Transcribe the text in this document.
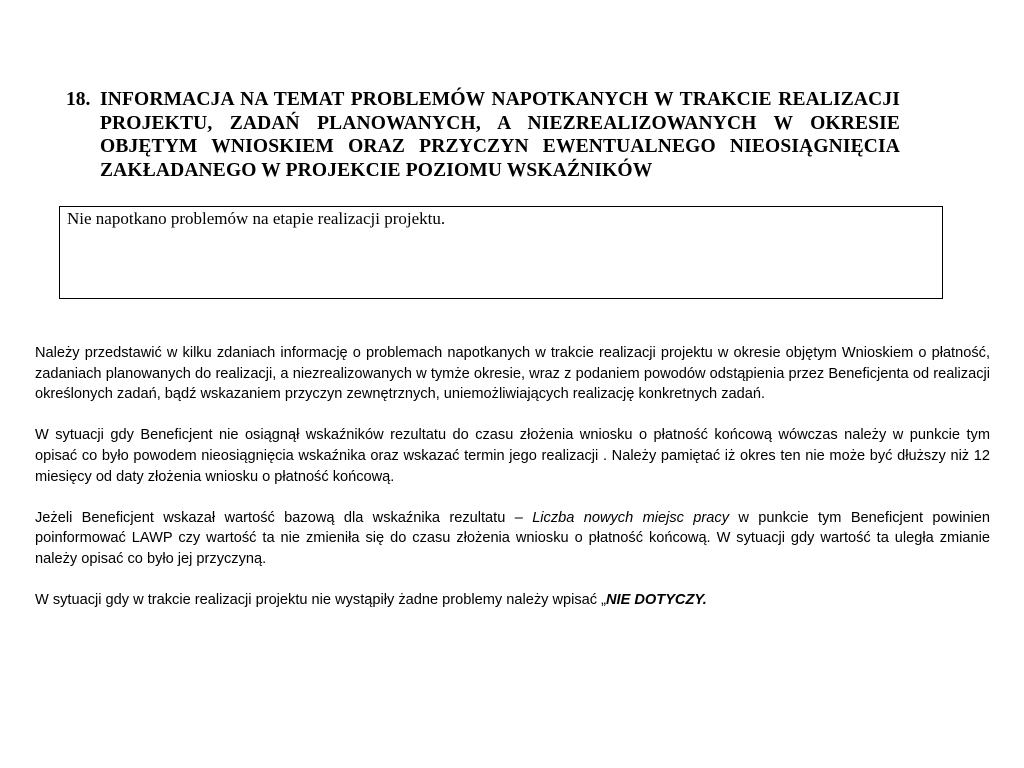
18. INFORMACJA NA TEMAT PROBLEMÓW NAPOTKANYCH W TRAKCIE REALIZACJI PROJEKTU, ZADAŃ PLANOWANYCH, A NIEZREALIZOWANYCH W OKRESIE OBJĘTYM WNIOSKIEM ORAZ PRZYCZYN EWENTUALNEGO NIEOSIĄGNIĘCIA ZAKŁADANEGO W PROJEKCIE POZIOMU WSKAŹNIKÓW
Nie napotkano problemów na etapie realizacji projektu.

Należy przedstawić w kilku zdaniach informację o problemach napotkanych w trakcie realizacji projektu w okresie objętym Wnioskiem o płatność, zadaniach planowanych do realizacji, a niezrealizowanych w tymże okresie, wraz z podaniem powodów odstąpienia przez Beneficjenta od realizacji określonych zadań, bądź wskazaniem przyczyn zewnętrznych, uniemożliwiających realizację konkretnych zadań.

W sytuacji gdy Beneficjent nie osiągnął wskaźników rezultatu do czasu złożenia wniosku o płatność końcową wówczas należy w punkcie tym opisać co było powodem nieosiągnięcia wskaźnika oraz wskazać termin jego realizacji . Należy pamiętać iż okres ten nie może być dłuższy niż 12 miesięcy od daty złożenia wniosku o płatność końcową.

Jeżeli Beneficjent wskazał wartość bazową dla wskaźnika rezultatu – Liczba nowych miejsc pracy w punkcie tym Beneficjent powinien poinformować LAWP czy wartość ta nie zmieniła się do czasu złożenia wniosku o płatność końcową. W sytuacji gdy wartość ta uległa zmianie należy opisać co było jej przyczyną.

W sytuacji gdy w trakcie realizacji projektu nie wystąpiły żadne problemy należy wpisać „NIE DOTYCZY.
